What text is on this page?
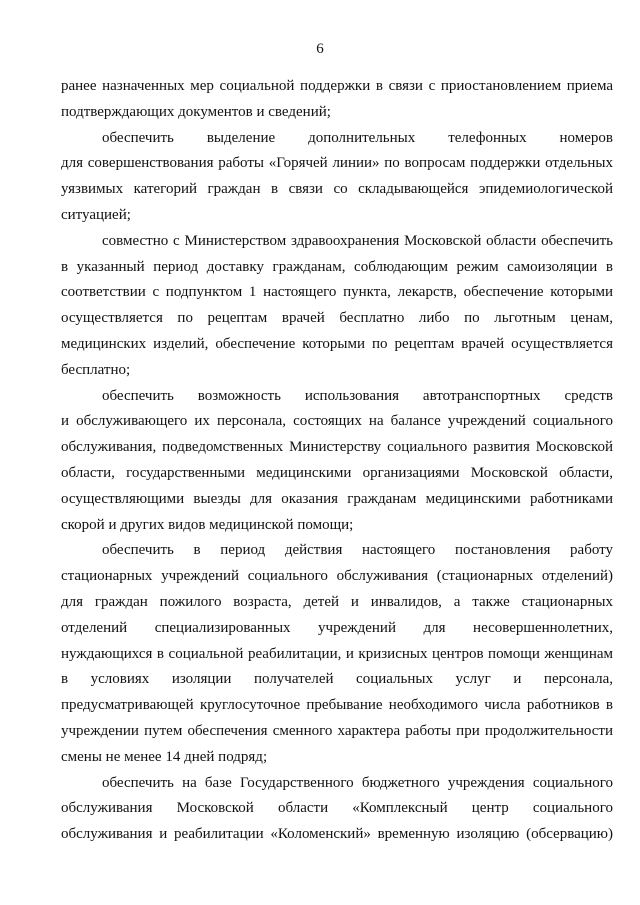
6
ранее назначенных мер социальной поддержки в связи с приостановлением приема
подтверждающих документов и сведений;
обеспечить выделение дополнительных телефонных номеров
для совершенствования работы «Горячей линии» по вопросам поддержки отдельных
уязвимых категорий граждан в связи со складывающейся эпидемиологической
ситуацией;
совместно с Министерством здравоохранения Московской области обеспечить
в указанный период доставку гражданам, соблюдающим режим самоизоляции в
соответствии с подпунктом 1 настоящего пункта, лекарств, обеспечение которыми
осуществляется по рецептам врачей бесплатно либо по льготным ценам,
медицинских изделий, обеспечение которыми по рецептам врачей осуществляется
бесплатно;
обеспечить возможность использования автотранспортных средств
и обслуживающего их персонала, состоящих на балансе учреждений социального
обслуживания, подведомственных Министерству социального развития Московской
области, государственными медицинскими организациями Московской области,
осуществляющими выезды для оказания гражданам медицинскими работниками
скорой и других видов медицинской помощи;
обеспечить в период действия настоящего постановления работу
стационарных учреждений социального обслуживания (стационарных отделений)
для граждан пожилого возраста, детей и инвалидов, а также стационарных
отделений специализированных учреждений для несовершеннолетних,
нуждающихся в социальной реабилитации, и кризисных центров помощи женщинам
в условиях изоляции получателей социальных услуг и персонала,
предусматривающей круглосуточное пребывание необходимого числа работников в
учреждении путем обеспечения сменного характера работы при продолжительности
смены не менее 14 дней подряд;
обеспечить на базе Государственного бюджетного учреждения социального
обслуживания Московской области «Комплексный центр социального
обслуживания и реабилитации «Коломенский» временную изоляцию (обсервацию)
